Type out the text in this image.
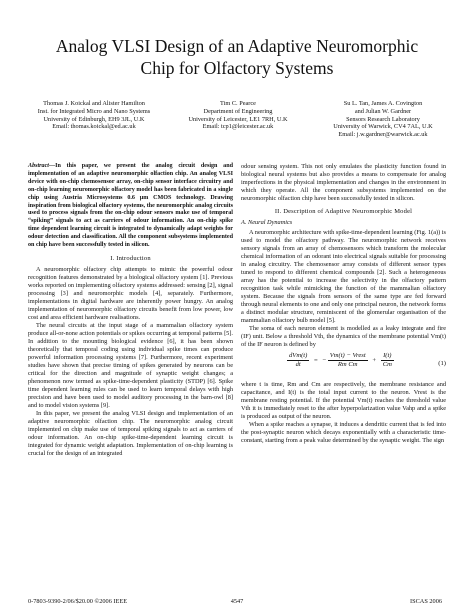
Analog VLSI Design of an Adaptive Neuromorphic
Chip for Olfactory Systems
Thomas J. Koickal and Alister Hamilton
Inst. for Integrated Micro and Nano Systems
University of Edinburgh, EH9 3JL, U.K
Email: thomas.koickal@ed.ac.uk
Tim C. Pearce
Department of Engineering
University of Leicester, LE1 7RH, U.K
Email: tcp1@leicester.ac.uk
Su L. Tan, James A. Covington
and Julian W. Gardner
Sensors Research Laboratory
University of Warwick, CV4 7AL, U.K
Email: j.w.gardner@warwick.ac.uk

Abstract—In this paper, we present the analog circuit design and implementation of an adaptive neuromorphic olfaction chip. An analog VLSI device with on-chip chemosensor array, on-chip sensor interface circuitry and on-chip learning neuromorphic olfactory model has been fabricated in a single chip using Austria Microsystems 0.6 µm CMOS technology. Drawing inspiration from biological olfactory systems, the neuromorphic analog circuits used to process signals from the on-chip odour sensors make use of temporal “spiking” signals to act as carriers of odour information. An on-chip spike time dependent learning circuit is integrated to dynamically adapt weights for odour detection and classification. All the component subsystems implemented on chip have been successfully tested in silicon.

I. Introduction

A neuromorphic olfactory chip attempts to mimic the powerful odour recognition features demonstrated by a biological olfactory system [1]. Previous works reported on implementing olfactory systems addressed: sensing [2], signal processing [3] and neuromorphic models [4], separately. Furthermore, implementations in digital hardware are inherently power hungry. An analog implementation of neuromorphic olfactory circuits benefit from low power, low cost and area efficient hardware realisations.

The neural circuits at the input stage of a mammalian olfactory system produce all-or-none action potentials or spikes occurring at temporal patterns [5]. In addition to the mounting biological evidence [6], it has been shown theoretically that temporal coding using individual spike times can produce powerful information processing systems [7]. Furthermore, recent experiment studies have shown that precise timing of spikes generated by neurons can be critical for the direction and magnitude of synaptic weight changes; a phenomenon now termed as spike-time-dependent plasticity (STDP) [6]. Spike time dependent learning rules can be used to learn temporal delays with high precision and have been used to model auditory processing in the barn-owl [8] and to model vision systems [9].

In this paper, we present the analog VLSI design and implementation of an adaptive neuromorphic olfaction chip. The neuromorphic analog circuit implemented on chip make use of temporal spiking signals to act as carriers of odour information. An on-chip spike-time-dependent learning circuit is integrated for dynamic weight adaptation. Implementation of on-chip learning is crucial for the design of an integrated

odour sensing system. This not only emulates the plasticity function found in biological neural systems but also provides a means to compensate for analog imperfections in the physical implementation and changes in the environment in which they operate. All the component subsystems implemented on the neuromorphic olfaction chip have been successfully tested in silicon.

II. Description of Adaptive Neuromorphic Model
A. Neural Dynamics

A neuromorphic architecture with spike-time-dependent learning (Fig. 1(a)) is used to model the olfactory pathway. The neuromorphic network receives sensory signals from an array of chemosensors which transform the molecular chemical information of an odorant into electrical signals suitable for processing in analog circuitry. The chemosensor array consists of different sensor types tuned to respond to different chemical compounds [2]. Such a heterogeneous array has the potential to increase the selectivity in the olfactory pattern recognition task while mimicking the function of the mammalian olfactory system. Because the signals from sensors of the same type are fed forward through neural elements to one and only one principal neuron, the network forms a distinct modular structure, reminiscent of the glomerular organisation of the mammalian olfactory bulb model [5].

The soma of each neuron element is modelled as a leaky integrate and fire (IF) unit. Below a threshold Vth, the dynamics of the membrane potential Vm(t) of the IF neuron is defined by

$\frac{\text{dVm(t)}}{dt}$ = − $\frac{\text{Vm(t) − Vrest}}{\text{Rm Cm}} + \frac{I(t)}{Cm}$	(1)

where t is time, Rm and Cm are respectively, the membrane resistance and capacitance, and I(t) is the total input current to the neuron. Vrest is the membrane resting potential. If the potential Vm(t) reaches the threshold value Vth it is immediately reset to the after hyperpolarization value Vahp and a spike is produced as output of the neuron.

When a spike reaches a synapse, it induces a dendritic current that is fed into the post-synaptic neuron which decays exponentially with a characteristic time-constant, starting from a peak value determined by the synaptic weight. The sign

0-7803-9390-2/06/$20.00 ©2006 IEEE	4547	ISCAS 2006
